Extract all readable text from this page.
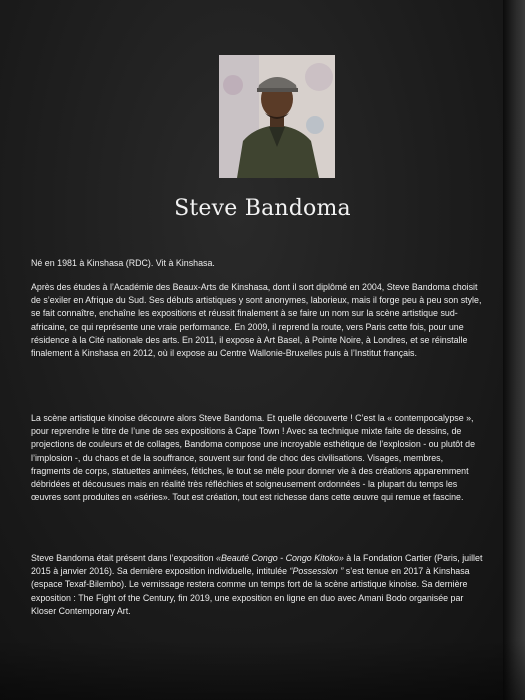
Steve Bandoma
Né en 1981 à Kinshasa (RDC). Vit à Kinshasa.
Après des études à l’Académie des Beaux-Arts de Kinshasa, dont il sort diplômé en 2004, Steve Bandoma choisit de s’exiler en Afrique du Sud. Ses débuts artistiques y sont anonymes, laborieux, mais il forge peu à peu son style, se fait connaître, enchaîne les expositions et réussit finalement à se faire un nom sur la scène artistique sud-africaine, ce qui représente une vraie performance. En 2009, il reprend la route, vers Paris cette fois, pour une résidence à la Cité nationale des arts. En 2011, il expose à Art Basel, à Pointe Noire, à Londres, et se réinstalle finalement à Kinshasa en 2012, où il expose au Centre Wallonie-Bruxelles puis à l’Institut français.
La scène artistique kinoise découvre alors Steve Bandoma. Et quelle découverte ! C’est la « contempocalypse », pour reprendre le titre de l’une de ses expositions à Cape Town ! Avec sa technique mixte faite de dessins, de projections de couleurs et de collages, Bandoma compose une incroyable esthétique de l’explosion - ou plutôt de l’implosion -, du chaos et de la souffrance, souvent sur fond de choc des civilisations. Visages, membres, fragments de corps, statuettes animées, fétiches, le tout se mêle pour donner vie à des créations apparemment débridées et décousues mais en réalité très réfléchies et soigneusement ordonnées - la plupart du temps les œuvres sont produites en «séries». Tout est création, tout est richesse dans cette œuvre qui remue et fascine.
Steve Bandoma était présent dans l’exposition «Beauté Congo - Congo Kitoko» à la Fondation Cartier (Paris, juillet 2015 à janvier 2016). Sa dernière exposition individuelle, intitulée “Possession ” s’est tenue en 2017 à Kinshasa (espace Texaf-Bilembo). Le vernissage restera comme un temps fort de la scène artistique kinoise. Sa dernière exposition : The Fight of the Century, fin 2019, une exposition en ligne en duo avec Amani Bodo organisée par Kloser Contemporary Art.
